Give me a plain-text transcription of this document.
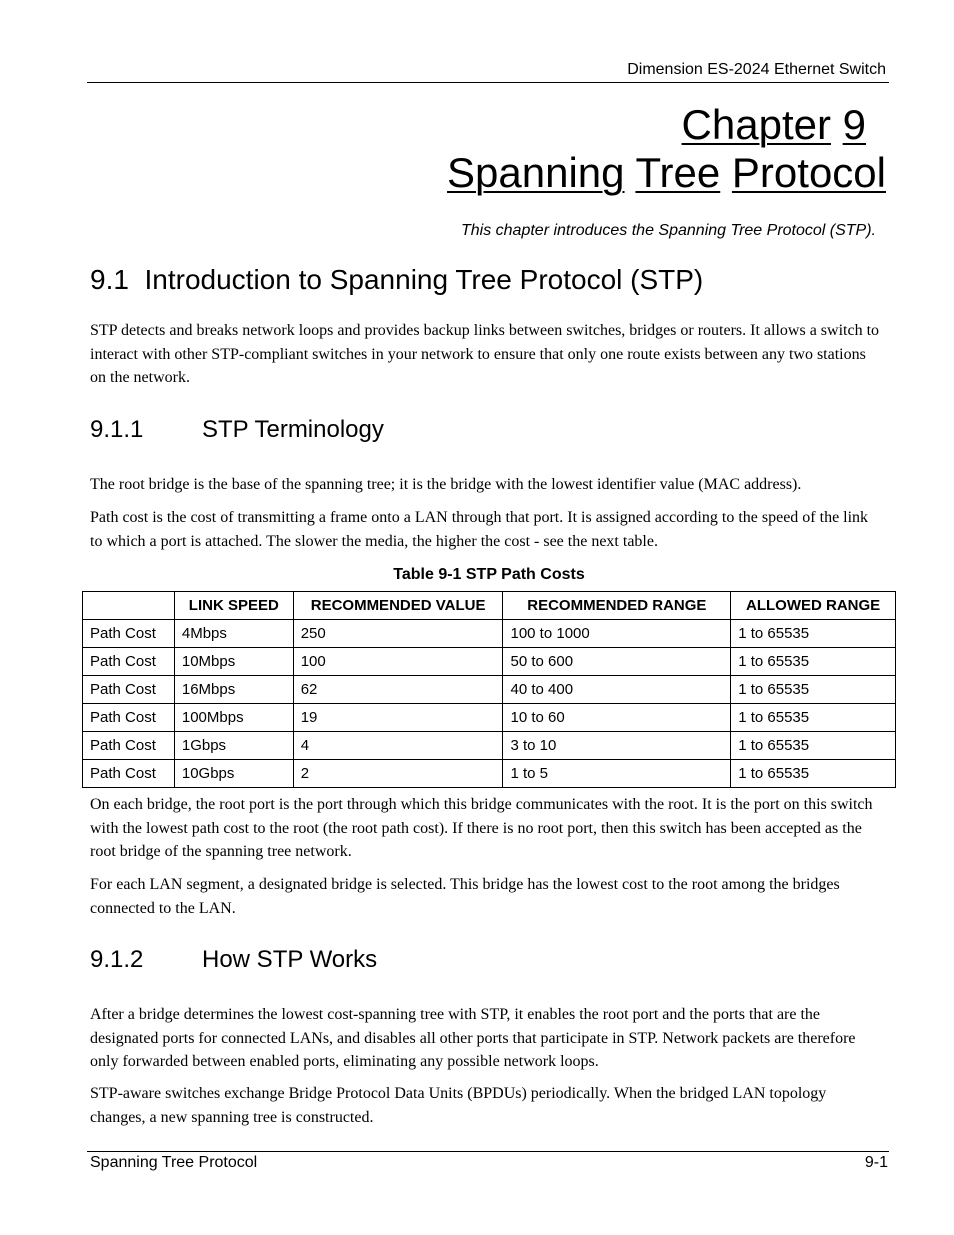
Dimension ES-2024 Ethernet Switch
Chapter 9
Spanning Tree Protocol
This chapter introduces the Spanning Tree Protocol (STP).
9.1 Introduction to Spanning Tree Protocol (STP)

STP detects and breaks network loops and provides backup links between switches, bridges or routers. It allows a switch to interact with other STP-compliant switches in your network to ensure that only one route exists between any two stations on the network.

9.1.1 STP Terminology

The root bridge is the base of the spanning tree; it is the bridge with the lowest identifier value (MAC address).

Path cost is the cost of transmitting a frame onto a LAN through that port. It is assigned according to the speed of the link to which a port is attached. The slower the media, the higher the cost - see the next table.

Table 9-1 STP Path Costs
	LINK SPEED	RECOMMENDED VALUE	RECOMMENDED RANGE	ALLOWED RANGE
Path Cost	4Mbps	250	100 to 1000	1 to 65535
Path Cost	10Mbps	100	50 to 600	1 to 65535
Path Cost	16Mbps	62	40 to 400	1 to 65535
Path Cost	100Mbps	19	10 to 60	1 to 65535
Path Cost	1Gbps	4	3 to 10	1 to 65535
Path Cost	10Gbps	2	1 to 5	1 to 65535

On each bridge, the root port is the port through which this bridge communicates with the root. It is the port on this switch with the lowest path cost to the root (the root path cost). If there is no root port, then this switch has been accepted as the root bridge of the spanning tree network.

For each LAN segment, a designated bridge is selected. This bridge has the lowest cost to the root among the bridges connected to the LAN.

9.1.2 How STP Works

After a bridge determines the lowest cost-spanning tree with STP, it enables the root port and the ports that are the designated ports for connected LANs, and disables all other ports that participate in STP. Network packets are therefore only forwarded between enabled ports, eliminating any possible network loops.

STP-aware switches exchange Bridge Protocol Data Units (BPDUs) periodically. When the bridged LAN topology changes, a new spanning tree is constructed.

Spanning Tree Protocol	9-1
